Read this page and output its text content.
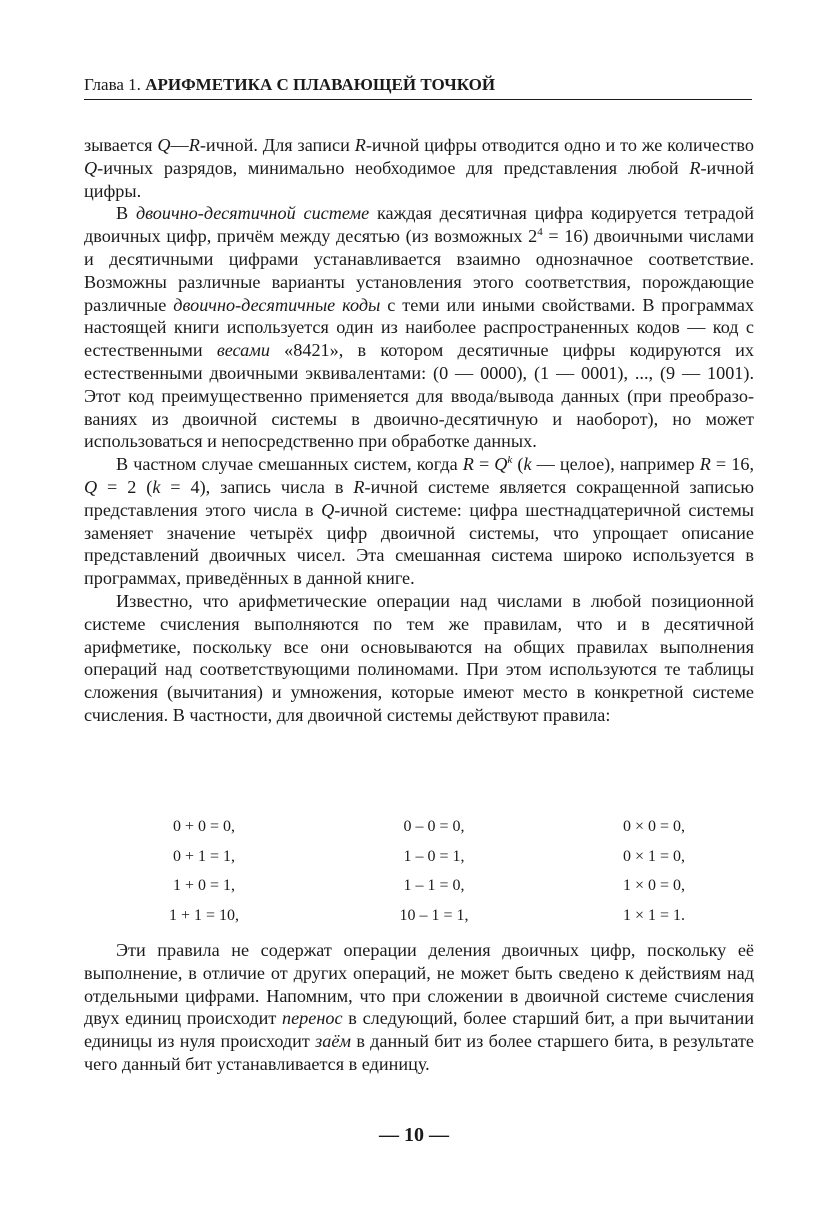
Глава 1. АРИФМЕТИКА С ПЛАВАЮЩЕЙ ТОЧКОЙ

зывается Q—R-ичной. Для записи R-ичной цифры отводится одно и то же количество Q-ичных разрядов, минимально необходимое для представления любой R-ичной цифры.

В двоично-десятичной системе каждая десятичная цифра кодируется тетрадой двоичных цифр, причём между десятью (из возможных $2^4 = 16$) двоичными числами и десятичными цифрами устанавливается взаимно однозначное соответствие. Возможны различные варианты установления этого соответствия, порождающие различные двоично-десятичные коды с теми или иными свойствами. В программах настоящей книги используется один из наиболее распространенных кодов — код с естественными весами «8421», в котором десятичные цифры кодируются их естественными двоичными эквивалентами: (0 — 0000), (1 — 0001), ..., (9 — 1001). Этот код преимущественно применяется для ввода/вывода данных (при преобразованиях из двоичной системы в двоично-десятичную и наоборот), но может использоваться и непосредственно при обработке данных.

В частном случае смешанных систем, когда $R = Q^k$ (k — целое), например R = 16, Q = 2 (k = 4), запись числа в R-ичной системе является сокращенной записью представления этого числа в Q-ичной системе: цифра шестнадцатеричной системы заменяет значение четырёх цифр двоичной системы, что упрощает описание представлений двоичных чисел. Эта смешанная система широко используется в программах, приведённых в данной книге.

Известно, что арифметические операции над числами в любой позиционной системе счисления выполняются по тем же правилам, что и в десятичной арифметике, поскольку все они основываются на общих правилах выполнения операций над соответствующими полиномами. При этом используются те таблицы сложения (вычитания) и умножения, которые имеют место в конкретной системе счисления. В частности, для двоичной системы действуют правила:

0 + 0 = 0,
0 + 1 = 1,
1 + 0 = 1,
1 + 1 = 10,
0 – 0 = 0,
1 – 0 = 1,
1 – 1 = 0,
10 – 1 = 1,
0 × 0 = 0,
0 × 1 = 0,
1 × 0 = 0,
1 × 1 = 1.

Эти правила не содержат операции деления двоичных цифр, поскольку её выполнение, в отличие от других операций, не может быть сведено к действиям над отдельными цифрами. Напомним, что при сложении в двоичной системе счисления двух единиц происходит перенос в следующий, более старший бит, а при вычитании единицы из нуля происходит заём в данный бит из более старшего бита, в результате чего данный бит устанавливается в единицу.

— 10 —
